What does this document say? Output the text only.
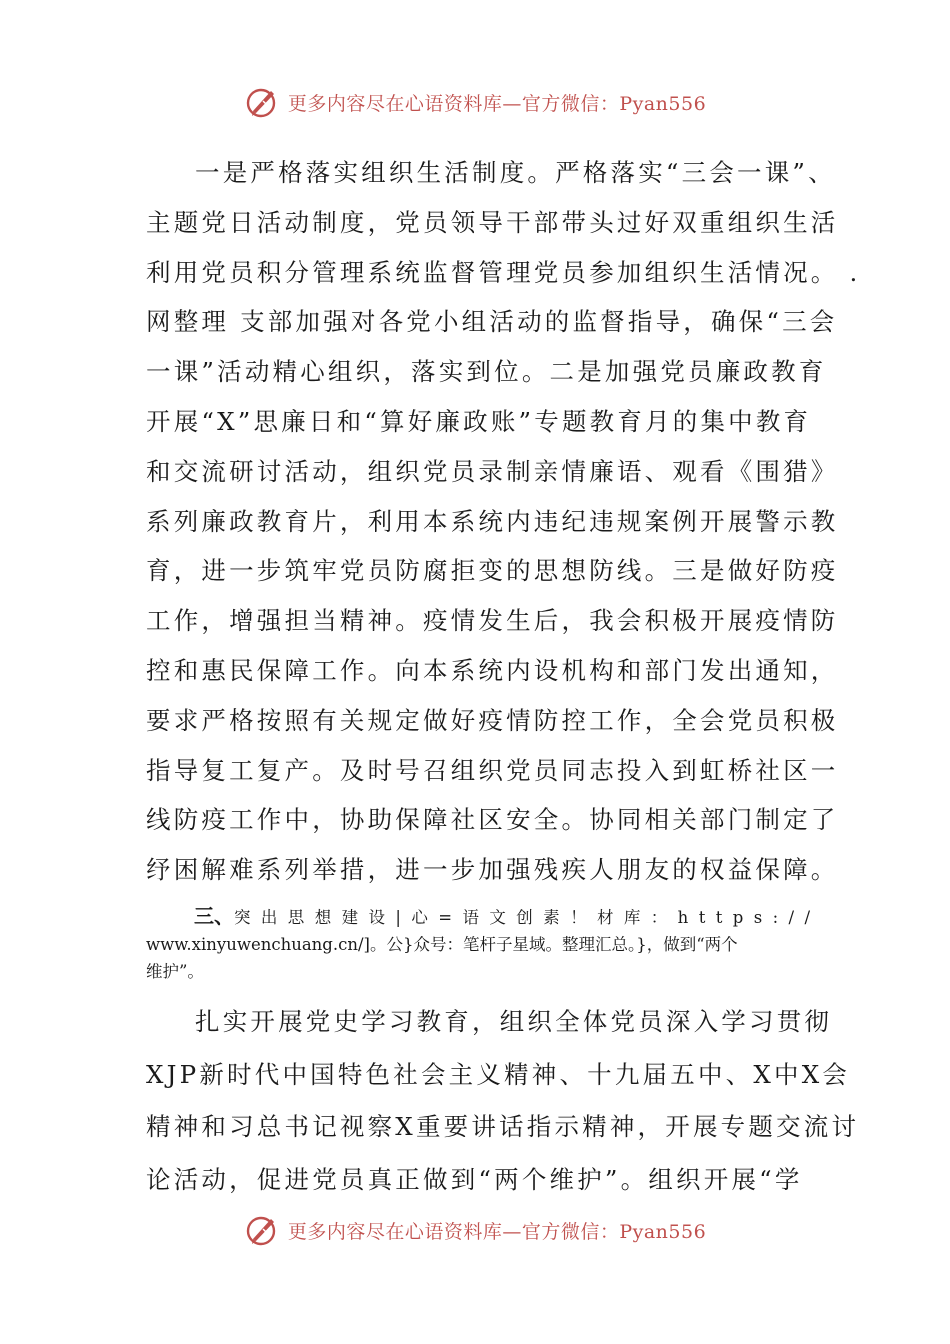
更多内容尽在心语资料库—官方微信：Pyan556
一是严格落实组织生活制度。严格落实“三会一课”、
主题党日活动制度，党员领导干部带头过好双重组织生活
利用党员积分管理系统监督管理党员参加组织生活情况。 .
网整理 支部加强对各党小组活动的监督指导，确保“三会
一课”活动精心组织，落实到位。二是加强党员廉政教育
开展“X”思廉日和“算好廉政账”专题教育月的集中教育
和交流研讨活动，组织党员录制亲情廉语、观看《围猎》
系列廉政教育片，利用本系统内违纪违规案例开展警示教
育，进一步筑牢党员防腐拒变的思想防线。三是做好防疫
工作，增强担当精神。疫情发生后，我会积极开展疫情防
控和惠民保障工作。向本系统内设机构和部门发出通知，
要求严格按照有关规定做好疫情防控工作，全会党员积极
指导复工复产。及时号召组织党员同志投入到虹桥社区一
线防疫工作中，协助保障社区安全。协同相关部门制定了
纾困解难系列举措，进一步加强残疾人朋友的权益保障。
三、突出思想建设|心=语文创素！材库：https://
www.xinyuwenchuang.cn/]。公}众号：笔杆子星域。整理汇总。}，做到“两个
维护”。
扎实开展党史学习教育，组织全体党员深入学习贯彻
XJP新时代中国特色社会主义精神、十九届五中、X中X会
精神和习总书记视察X重要讲话指示精神，开展专题交流讨
论活动，促进党员真正做到“两个维护”。组织开展“学
更多内容尽在心语资料库—官方微信：Pyan556
